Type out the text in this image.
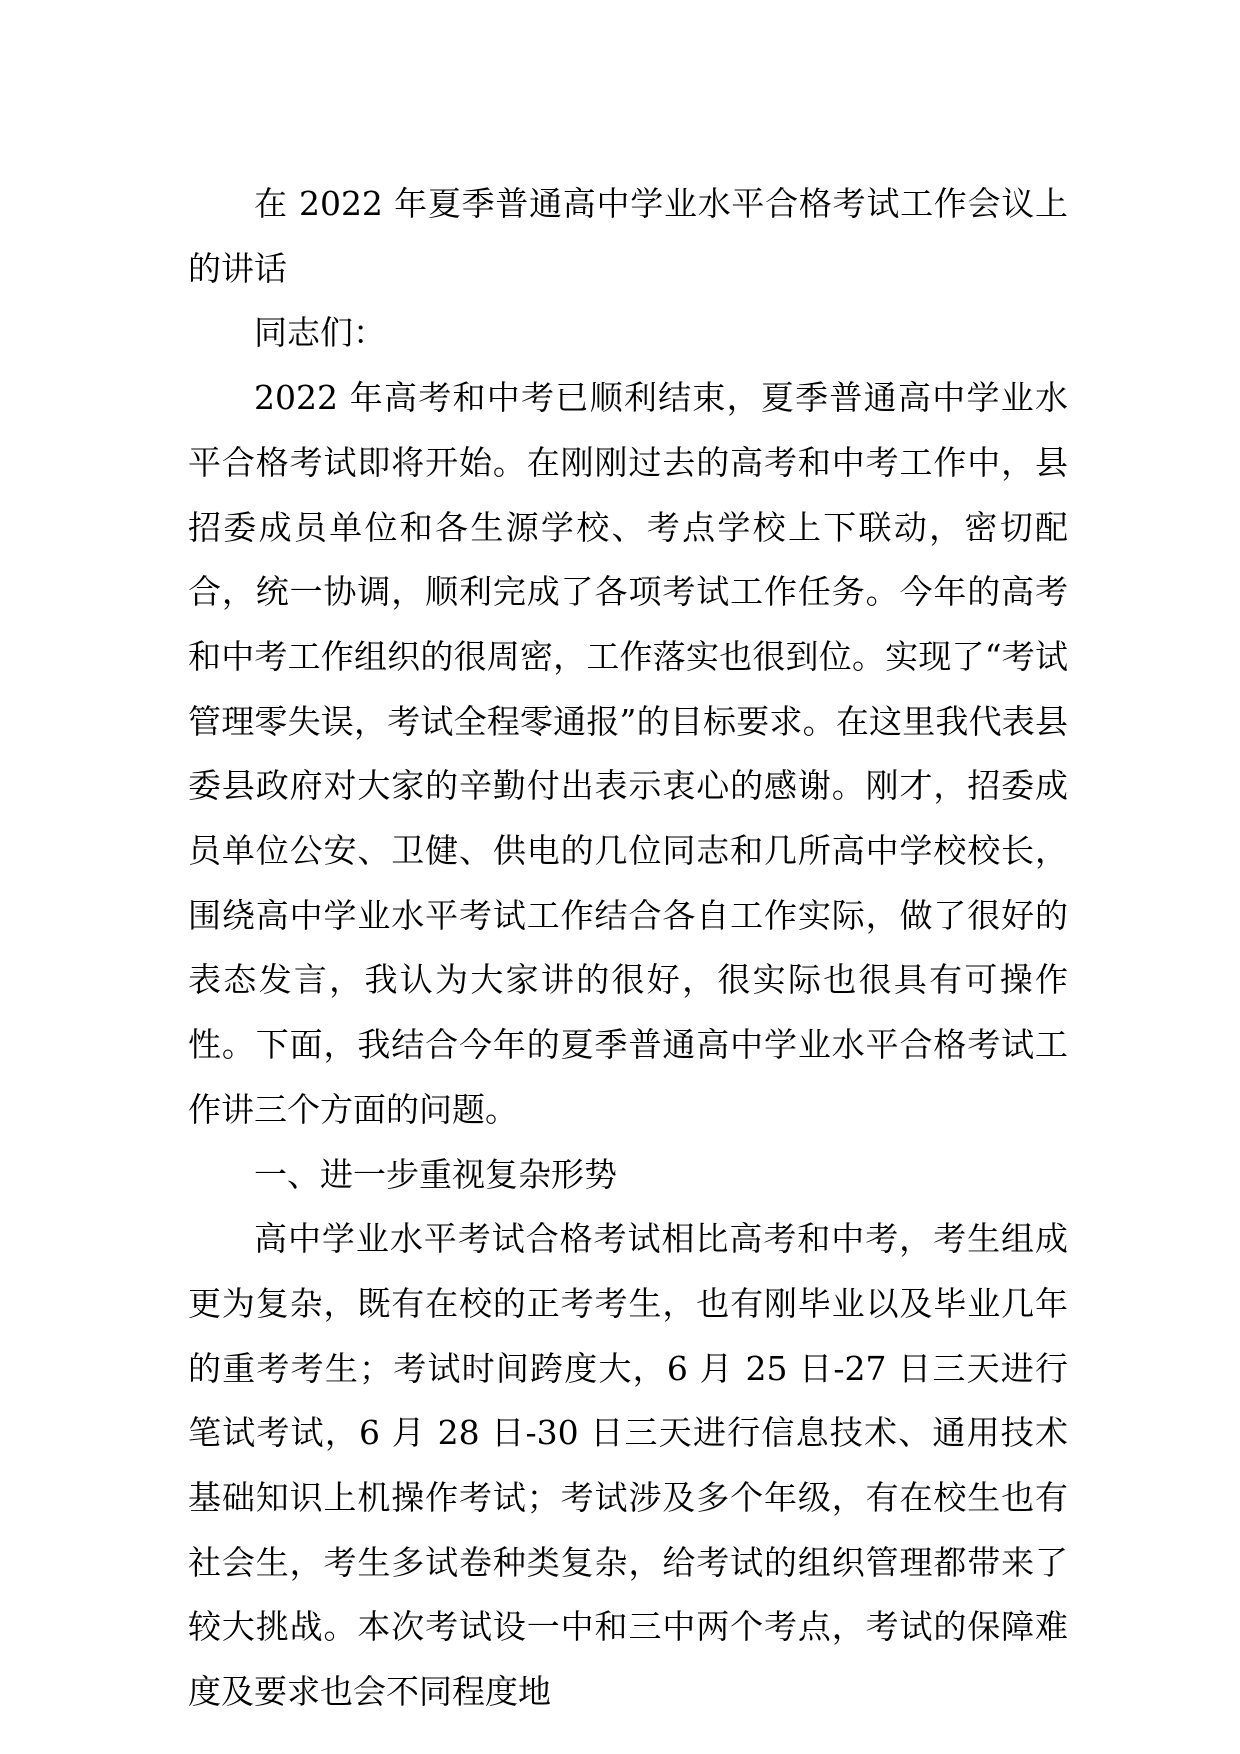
在 2022 年夏季普通高中学业水平合格考试工作会议上的讲话

同志们：

2022 年高考和中考已顺利结束，夏季普通高中学业水平合格考试即将开始。在刚刚过去的高考和中考工作中，县招委成员单位和各生源学校、考点学校上下联动，密切配合，统一协调，顺利完成了各项考试工作任务。今年的高考和中考工作组织的很周密，工作落实也很到位。实现了“考试管理零失误，考试全程零通报”的目标要求。在这里我代表县委县政府对大家的辛勤付出表示衷心的感谢。刚才，招委成员单位公安、卫健、供电的几位同志和几所高中学校校长，围绕高中学业水平考试工作结合各自工作实际，做了很好的表态发言，我认为大家讲的很好，很实际也很具有可操作性。下面，我结合今年的夏季普通高中学业水平合格考试工作讲三个方面的问题。

一、进一步重视复杂形势

高中学业水平考试合格考试相比高考和中考，考生组成更为复杂，既有在校的正考考生，也有刚毕业以及毕业几年的重考考生；考试时间跨度大，6 月 25 日-27 日三天进行笔试考试，6 月 28 日-30 日三天进行信息技术、通用技术基础知识上机操作考试；考试涉及多个年级，有在校生也有社会生，考生多试卷种类复杂，给考试的组织管理都带来了较大挑战。本次考试设一中和三中两个考点，考试的保障难度及要求也会不同程度地
